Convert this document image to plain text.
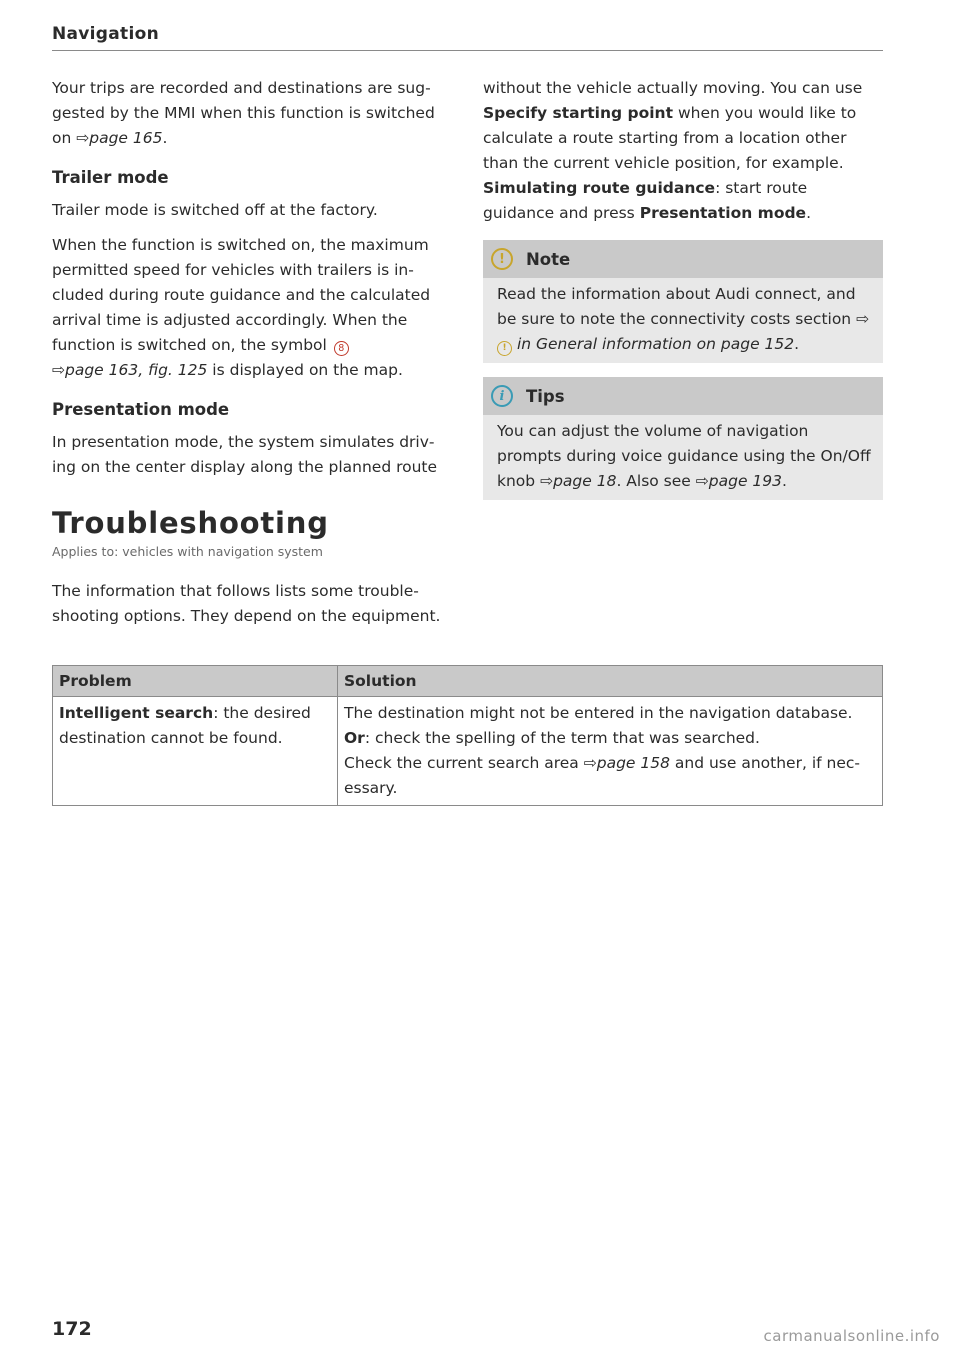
Navigation

Your trips are recorded and destinations are suggested by the MMI when this function is switched on ⇨page 165.

Trailer mode

Trailer mode is switched off at the factory.

When the function is switched on, the maximum permitted speed for vehicles with trailers is included during route guidance and the calculated arrival time is adjusted accordingly. When the function is switched on, the symbol 8
⇨page 163, fig. 125 is displayed on the map.

Presentation mode

In presentation mode, the system simulates driving on the center display along the planned route

without the vehicle actually moving. You can use Specify starting point when you would like to calculate a route starting from a location other than the current vehicle position, for example. Simulating route guidance: start route guidance and press Presentation mode.

!	Note
Read the information about Audi connect, and be sure to note the connectivity costs section ⇨! in General information on page 152.
i	Tips
You can adjust the volume of navigation prompts during voice guidance using the On/Off knob ⇨page 18. Also see ⇨page 193.
Troubleshooting
Applies to: vehicles with navigation system
The information that follows lists some troubleshooting options. They depend on the equipment.
Problem	Solution
Intelligent search: the desired destination cannot be found.	The destination might not be entered in the navigation database.
Or: check the spelling of the term that was searched.
Check the current search area ⇨page 158 and use another, if necessary.
172	carmanualsonline.info
